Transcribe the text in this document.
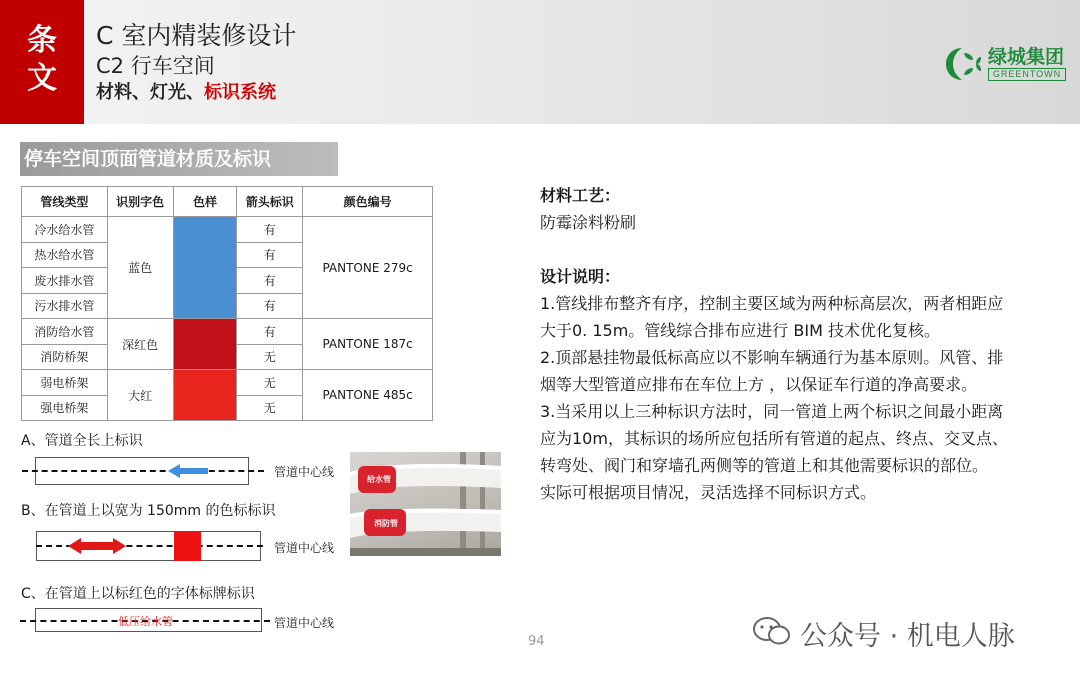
条
文
C 室内精装修设计
C2 行车空间
材料、灯光、标识系统
绿城集团
GREENTOWN
停车空间顶面管道材质及标识
管线类型	识别字色	色样	箭头标识	颜色编号
冷水给水管	蓝色		有	PANTONE 279c
热水给水管			有	
废水排水管			有	
污水排水管			有	
消防给水管	深红色		有	PANTONE 187c
消防桥架			无	
弱电桥架	大红		无	PANTONE 485c
强电桥架			无	
A、管道全长上标识
管道中心线
B、在管道上以宽为 150mm 的色标标识
管道中心线
C、在管道上以标红色的字体标牌标识
低压给水管	管道中心线
给水管
消防管
材料工艺：
防霉涂料粉刷
设计说明：
1.管线排布整齐有序，控制主要区域为两种标高层次，两者相距应
大于0. 15m。管线综合排布应进行 BIM 技术优化复核。
2.顶部悬挂物最低标高应以不影响车辆通行为基本原则。风管、排
烟等大型管道应排布在车位上方 ，以保证车行道的净高要求。
3.当采用以上三种标识方法时，同一管道上两个标识之间最小距离
应为10m，其标识的场所应包括所有管道的起点、终点、交叉点、
转弯处、阀门和穿墙孔两侧等的管道上和其他需要标识的部位。
实际可根据项目情况，灵活选择不同标识方式。
94	公众号 · 机电人脉
